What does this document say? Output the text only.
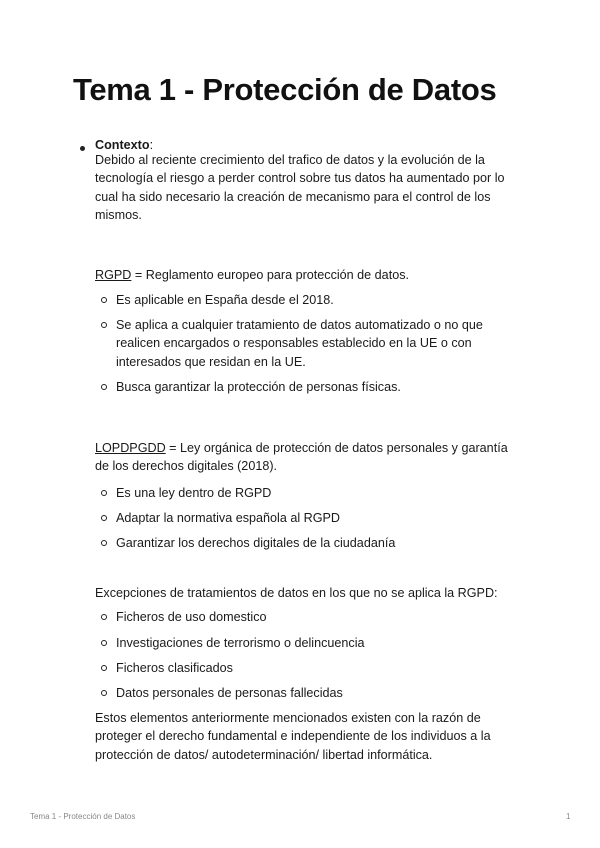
Tema 1 - Protección de Datos

Contexto:

Debido al reciente crecimiento del trafico de datos y la evolución de la tecnología el riesgo a perder control sobre tus datos ha aumentado por lo cual ha sido necesario la creación de mecanismo para el control de los mismos.

RGPD = Reglamento europeo para protección de datos.

Es aplicable en España desde el 2018.

Se aplica a cualquier tratamiento de datos automatizado o no que realicen encargados o responsables establecido en la UE o con interesados que residan en la UE.

Busca garantizar la protección de personas físicas.

LOPDPGDD = Ley orgánica de protección de datos personales y garantía de los derechos digitales (2018).

Es una ley dentro de RGPD

Adaptar la normativa española al RGPD

Garantizar los derechos digitales de la ciudadanía

Excepciones de tratamientos de datos en los que no se aplica la RGPD:

Ficheros de uso domestico

Investigaciones de terrorismo o delincuencia

Ficheros clasificados

Datos personales de personas fallecidas

Estos elementos anteriormente mencionados existen con la razón de proteger el derecho fundamental e independiente de los individuos a la protección de datos/ autodeterminación/ libertad informática.

Tema 1 - Protección de Datos	1
